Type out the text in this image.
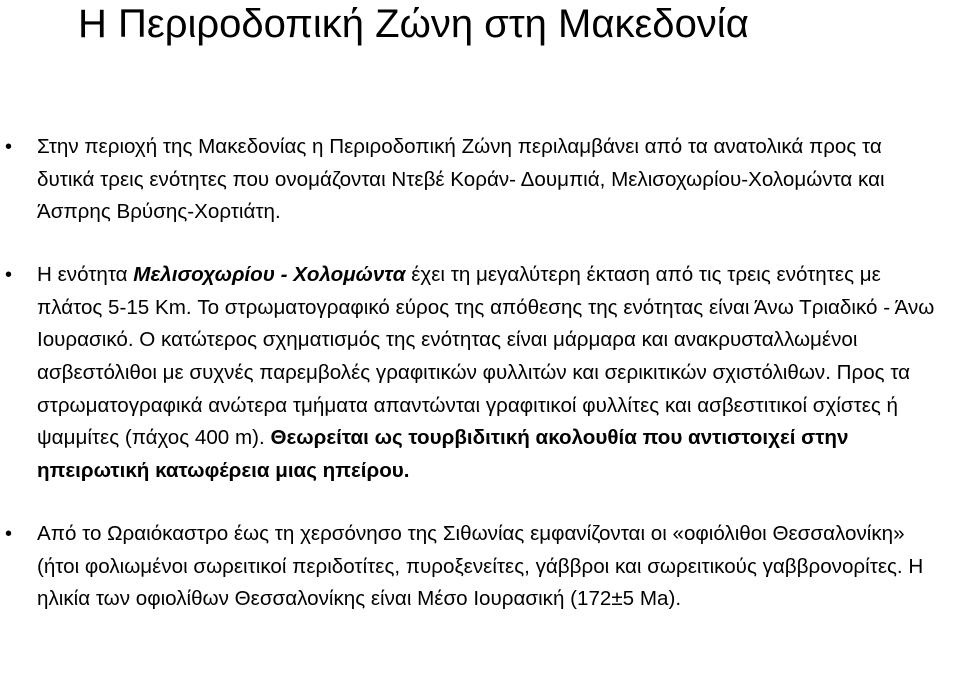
Η Περιροδοπική Ζώνη στη Μακεδονία
• Στην περιοχή της Μακεδονίας η Περιροδοπική Ζώνη περιλαμβάνει από τα ανατολικά προς τα δυτικά τρεις ενότητες που ονομάζονται Ντεβέ Κοράν- Δουμπιά, Μελισοχωρίου-Χολομώντα και Άσπρης Βρύσης-Χορτιάτη.
• Η ενότητα Μελισοχωρίου - Χολομώντα έχει τη μεγαλύτερη έκταση από τις τρεις ενότητες με πλάτος 5-15 Km. Το στρωματογραφικό εύρος της απόθεσης της ενότητας είναι Άνω Τριαδικό - Άνω Ιουρασικό. Ο κατώτερος σχηματισμός της ενότητας είναι μάρμαρα και ανακρυσταλλωμένοι ασβεστόλιθοι με συχνές παρεμβολές γραφιτικών φυλλιτών και σερικιτικών σχιστόλιθων. Προς τα στρωματογραφικά ανώτερα τμήματα απαντώνται γραφιτικοί φυλλίτες και ασβεστιτικοί σχίστες ή ψαμμίτες (πάχος 400 m). Θεωρείται ως τουρβιδιτική ακολουθία που αντιστοιχεί στην ηπειρωτική κατωφέρεια μιας ηπείρου.
• Από το Ωραιόκαστρο έως τη χερσόνησο της Σιθωνίας εμφανίζονται οι «οφιόλιθοι Θεσσαλονίκη» (ήτοι φολιωμένοι σωρειτικοί περιδοτίτες, πυροξενείτες, γάββροι και σωρειτικούς γαββρονορίτες. Η ηλικία των οφιολίθων Θεσσαλονίκης είναι Μέσο Ιουρασική (172±5 Ma).
